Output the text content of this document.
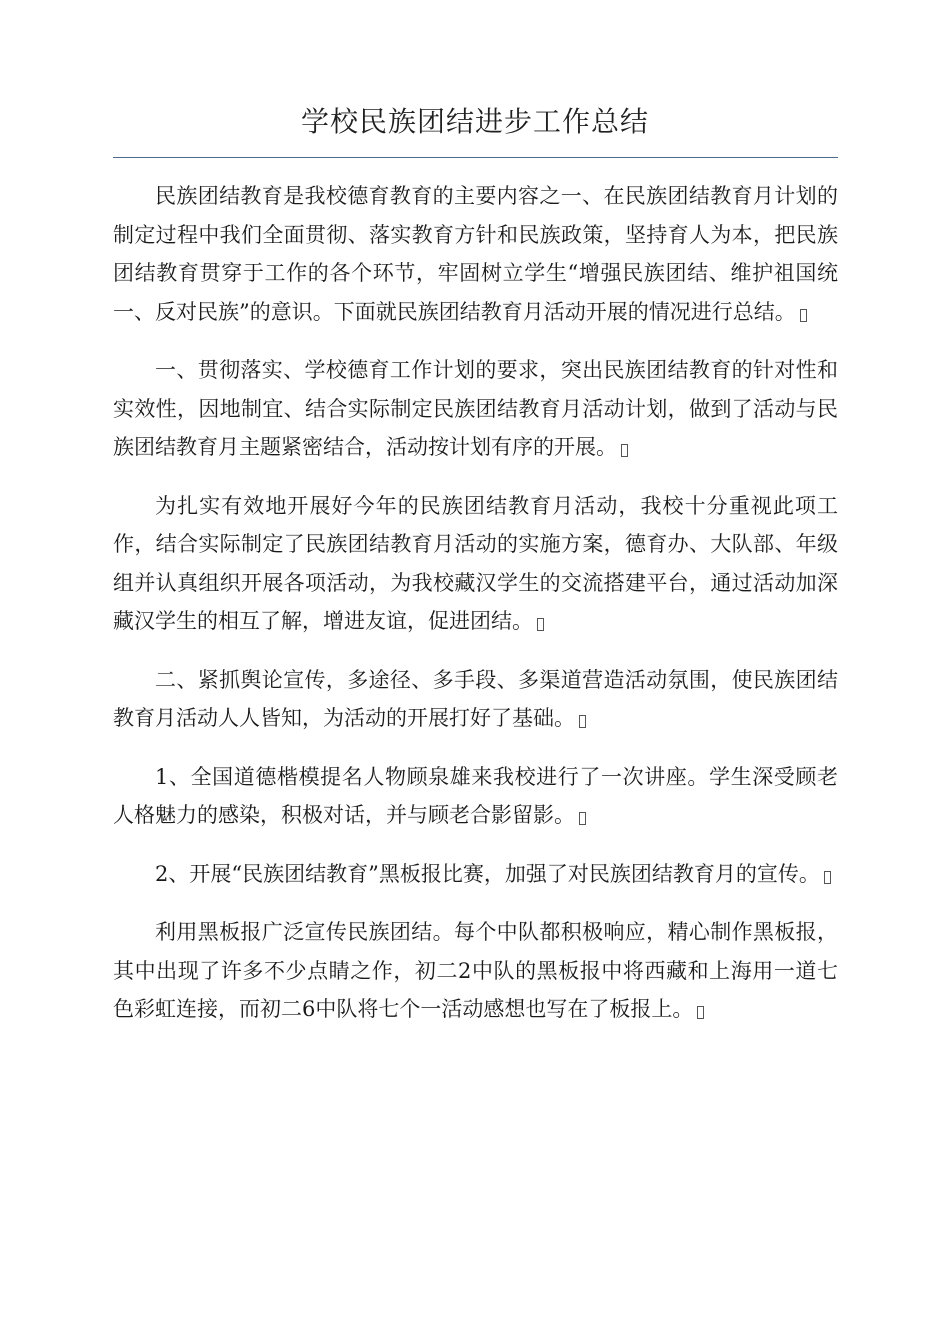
学校民族团结进步工作总结

民族团结教育是我校德育教育的主要内容之一、在民族团结教育月计划的制定过程中我们全面贯彻、落实教育方针和民族政策，坚持育人为本，把民族团结教育贯穿于工作的各个环节，牢固树立学生“增强民族团结、维护祖国统一、反对民族”的意识。下面就民族团结教育月活动开展的情况进行总结。

一、贯彻落实、学校德育工作计划的要求，突出民族团结教育的针对性和实效性，因地制宜、结合实际制定民族团结教育月活动计划，做到了活动与民族团结教育月主题紧密结合，活动按计划有序的开展。

为扎实有效地开展好今年的民族团结教育月活动，我校十分重视此项工作，结合实际制定了民族团结教育月活动的实施方案，德育办、大队部、年级组并认真组织开展各项活动，为我校藏汉学生的交流搭建平台，通过活动加深藏汉学生的相互了解，增进友谊，促进团结。

二、紧抓舆论宣传，多途径、多手段、多渠道营造活动氛围，使民族团结教育月活动人人皆知，为活动的开展打好了基础。

1、全国道德楷模提名人物顾泉雄来我校进行了一次讲座。学生深受顾老人格魅力的感染，积极对话，并与顾老合影留影。

2、开展“民族团结教育”黑板报比赛，加强了对民族团结教育月的宣传。

利用黑板报广泛宣传民族团结。每个中队都积极响应，精心制作黑板报，其中出现了许多不少点睛之作，初二2中队的黑板报中将西藏和上海用一道七色彩虹连接，而初二6中队将七个一活动感想也写在了板报上。
